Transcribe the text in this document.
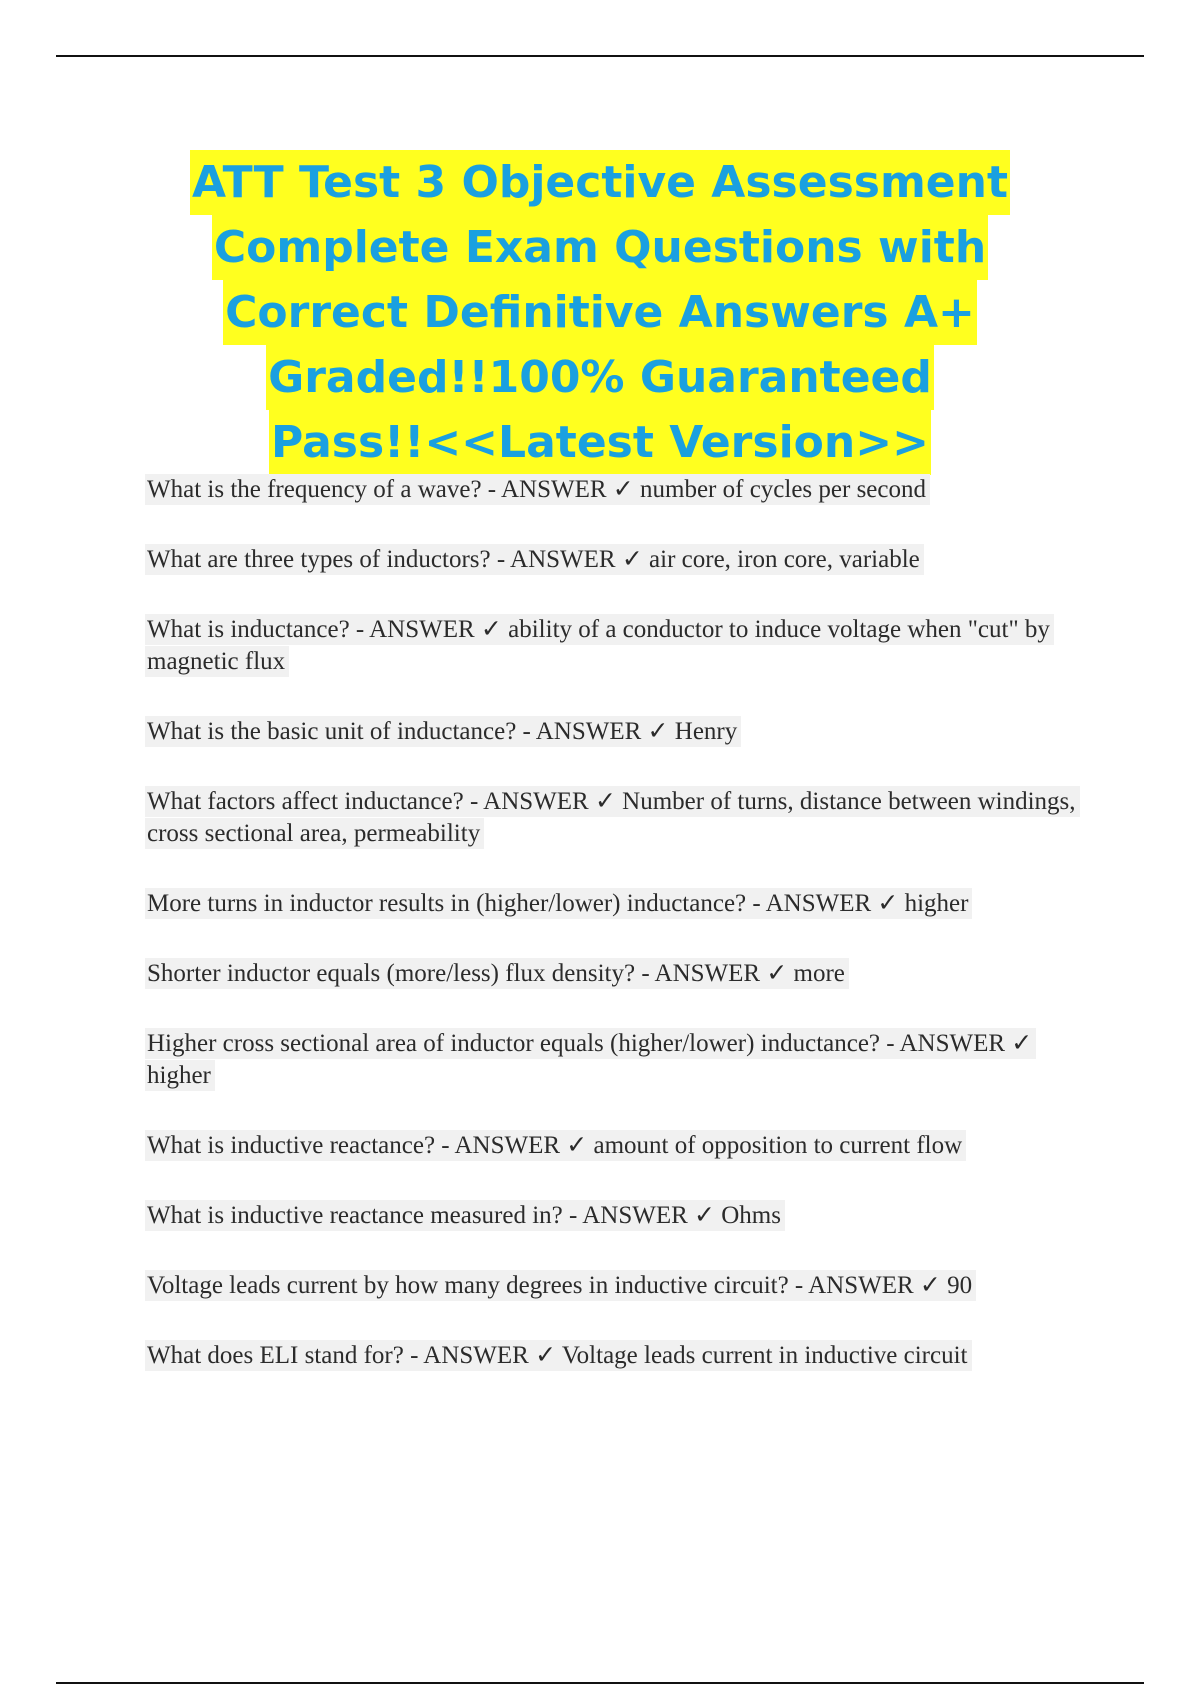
ATT Test 3 Objective Assessment
Complete Exam Questions with
Correct Definitive Answers A+
Graded!!100% Guaranteed
Pass!!<<Latest Version>>

What is the frequency of a wave? - ANSWER ✓ number of cycles per second

What are three types of inductors? - ANSWER ✓ air core, iron core, variable

What is inductance? - ANSWER ✓ ability of a conductor to induce voltage when "cut" by magnetic flux

What is the basic unit of inductance? - ANSWER ✓ Henry

What factors affect inductance? - ANSWER ✓ Number of turns, distance between windings, cross sectional area, permeability

More turns in inductor results in (higher/lower) inductance? - ANSWER ✓ higher

Shorter inductor equals (more/less) flux density? - ANSWER ✓ more

Higher cross sectional area of inductor equals (higher/lower) inductance? - ANSWER ✓ higher

What is inductive reactance? - ANSWER ✓ amount of opposition to current flow

What is inductive reactance measured in? - ANSWER ✓ Ohms

Voltage leads current by how many degrees in inductive circuit? - ANSWER ✓ 90

What does ELI stand for? - ANSWER ✓ Voltage leads current in inductive circuit
